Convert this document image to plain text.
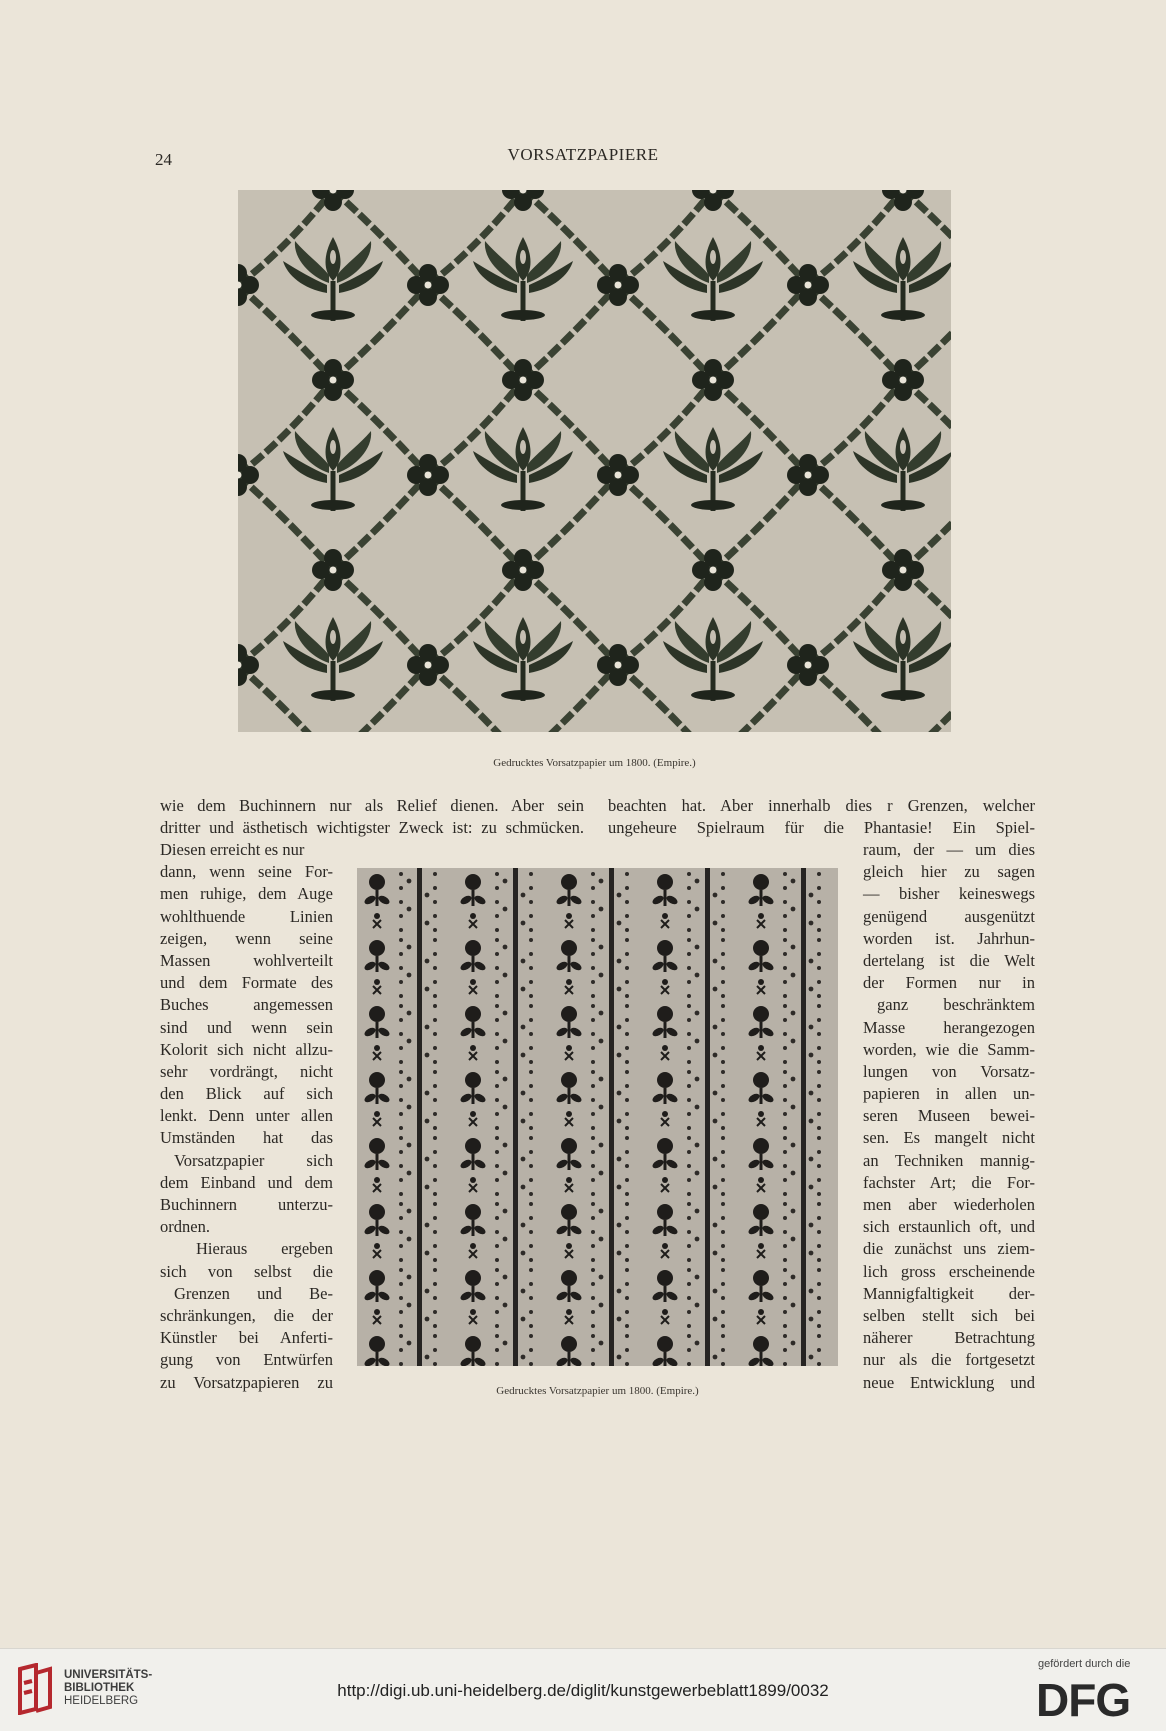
24	VORSATZPAPIERE
Gedrucktes Vorsatzpapier um 1800. (Empire.)
Gedrucktes Vorsatzpapier um 1800. (Empire.)
wie dem Buchinnern nur als Relief dienen. Aber sein
dritter und ästhetisch wichtigster Zweck ist: zu schmücken.
Diesen erreicht es nur
dann, wenn seine For-
men ruhige, dem Auge
wohlthuende Linien
zeigen, wenn seine
Massen wohlverteilt
und dem Formate des
Buches angemessen
sind und wenn sein
Kolorit sich nicht allzu-
sehr vordrängt, nicht
den Blick auf sich
lenkt. Denn unter allen
Umständen hat das
Vorsatzpapier sich
dem Einband und dem
Buchinnern unterzu-
ordnen.
Hieraus ergeben
sich von selbst die
Grenzen und Be-
schränkungen, die der
Künstler bei Anferti-
gung von Entwürfen
zu Vorsatzpapieren zu
beachten hat. Aber innerhalb dies r Grenzen, welcher
ungeheure Spielraum für die Phantasie! Ein Spiel-
raum, der — um dies
gleich hier zu sagen
— bisher keineswegs
genügend ausgenützt
worden ist. Jahrhun-
dertelang ist die Welt
der Formen nur in
ganz beschränktem
Masse herangezogen
worden, wie die Samm-
lungen von Vorsatz-
papieren in allen un-
seren Museen bewei-
sen. Es mangelt nicht
an Techniken mannig-
fachster Art; die For-
men aber wiederholen
sich erstaunlich oft, und
die zunächst uns ziem-
lich gross erscheinende
Mannigfaltigkeit der-
selben stellt sich bei
näherer Betrachtung
nur als die fortgesetzt
neue Entwicklung und
UNIVERSITÄTS-
BIBLIOTHEK
HEIDELBERG
http://digi.ub.uni-heidelberg.de/diglit/kunstgewerbeblatt1899/0032
gefördert durch die
DFG
